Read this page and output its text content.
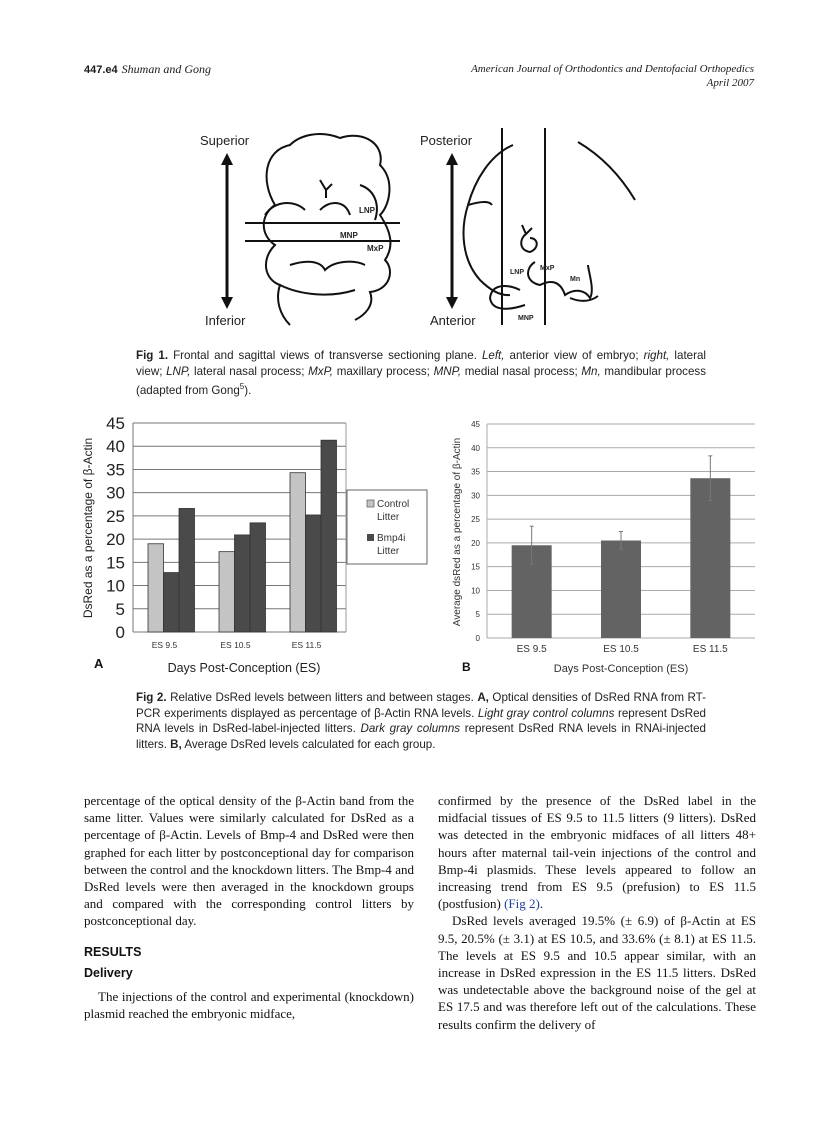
447.e4 Shuman and Gong	American Journal of Orthodontics and Dentofacial Orthopedics
April 2007
Superior
Inferior
LNP
MNP
MxP
Posterior
Anterior
LNP
MxP
Mn
MNP
Fig 1. Frontal and sagittal views of transverse sectioning plane. Left, anterior view of embryo; right, lateral view; LNP, lateral nasal process; MxP, maxillary process; MNP, medial nasal process; Mn, mandibular process (adapted from Gong$^5$).
0
5
10
15
20
25
30
35
40
45
ES 9.5	ES 10.5	ES 11.5
DsRed as a percentage of β-Actin
Days Post-Conception (ES)
A
Control
Litter
Bmp4i
Litter
0
5
10
15
20
25
30
35
40
45
ES 9.5	ES 10.5	ES 11.5
Average dsRed as a percentage of β-Actin
Days Post-Conception (ES)
B
Fig 2. Relative DsRed levels between litters and between stages. A, Optical densities of DsRed RNA from RT-PCR experiments displayed as percentage of β-Actin RNA levels. Light gray control columns represent DsRed RNA levels in DsRed-label-injected litters. Dark gray columns represent DsRed RNA levels in RNAi-injected litters. B, Average DsRed levels calculated for each group.

percentage of the optical density of the β-Actin band from the same litter. Values were similarly calculated for DsRed as a percentage of β-Actin. Levels of Bmp-4 and DsRed were then graphed for each litter by postconceptional day for comparison between the control and the knockdown litters. The Bmp-4 and DsRed levels were then averaged in the knockdown groups and compared with the corresponding control litters by postconceptional day.

RESULTS

Delivery

The injections of the control and experimental (knockdown) plasmid reached the embryonic midface,

confirmed by the presence of the DsRed label in the midfacial tissues of ES 9.5 to 11.5 litters (9 litters). DsRed was detected in the embryonic midfaces of all litters 48+ hours after maternal tail-vein injections of the control and Bmp-4i plasmids. These levels appeared to follow an increasing trend from ES 9.5 (prefusion) to ES 11.5 (postfusion) (Fig 2).

DsRed levels averaged 19.5% (± 6.9) of β-Actin at ES 9.5, 20.5% (± 3.1) at ES 10.5, and 33.6% (± 8.1) at ES 11.5. The levels at ES 9.5 and 10.5 appear similar, with an increase in DsRed expression in the ES 11.5 litters. DsRed was undetectable above the background noise of the gel at ES 17.5 and was therefore left out of the calculations. These results confirm the delivery of
